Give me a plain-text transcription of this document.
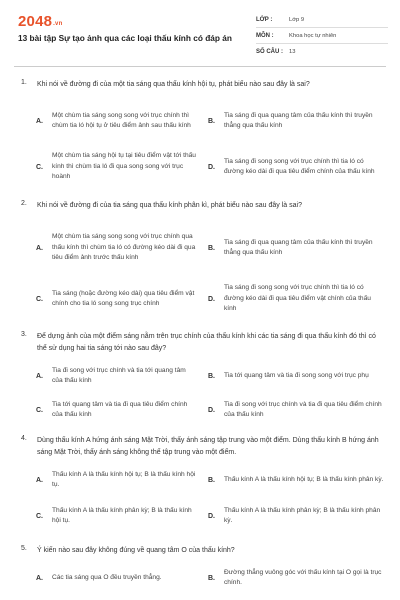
2048.vn
13 bài tập Sự tạo ảnh qua các loại thấu kính có đáp án
LỚP :	Lớp 9
MÔN :	Khoa học tự nhiên
SỐ CÂU :	13
1. Khi nói về đường đi của một tia sáng qua thấu kính hội tụ, phát biểu nào sau đây là sai?
A.
Một chùm tia sáng song song với trục chính thì chùm tia ló hội tụ ở tiêu điểm ảnh sau thấu kính
B.
Tia sáng đi qua quang tâm của thấu kính thì truyền thẳng qua thấu kính
C.
Một chùm tia sáng hội tụ tại tiêu điểm vật tới thấu kính thì chùm tia ló đi qua song song với trục hoành
D.
Tia sáng đi song song với trục chính thì tia ló có đường kéo dài đi qua tiêu điểm chính của thấu kính
2. Khi nói về đường đi của tia sáng qua thấu kính phân kì, phát biểu nào sau đây là sai?
A.
Một chùm tia sáng song song với trục chính qua thấu kính thì chùm tia ló có đường kéo dài đi qua tiêu điểm ảnh trước thấu kính
B.
Tia sáng đi qua quang tâm của thấu kính thì truyền thẳng qua thấu kính
C.
Tia sáng (hoặc đường kéo dài) qua tiêu điểm vật chính cho tia ló song song trục chính
D.
Tia sáng đi song song với trục chính thì tia ló có đường kéo dài đi qua tiêu điểm vật chính của thấu kính
3. Để dựng ảnh của một điểm sáng nằm trên trục chính của thấu kính khi các tia sáng đi qua thấu kính đó thì có thể sử dụng hai tia sáng tới nào sau đây?
A.
Tia đi song với trục chính và tia tới quang tâm của thấu kính
B.	Tia tới quang tâm và tia đi song song với trục phụ
C.
Tia tới quang tâm và tia đi qua tiêu điểm chính của thấu kính
D.
Tia đi song với trục chính và tia đi qua tiêu điểm chính của thấu kính
4. Dùng thấu kính A hứng ánh sáng Mặt Trời, thấy ánh sáng tập trung vào một điểm. Dùng thấu kính B hứng ánh sáng Mặt Trời, thấy ánh sáng không thể tập trung vào một điểm.
A.
Thấu kính A là thấu kính hội tụ; B là thấu kính hội tụ.
B.	Thấu kính A là thấu kính hội tụ; B là thấu kính phân kỳ.
C.
Thấu kính A là thấu kính phân kỳ; B là thấu kính hội tụ.
D.
Thấu kính A là thấu kính phân kỳ; B là thấu kính phân kỳ.
5. Ý kiến nào sau đây không đúng về quang tâm O của thấu kính?
A.	Các tia sáng qua O đều truyền thẳng.	B.
Đường thẳng vuông góc với thấu kính tại O gọi là trục chính.
